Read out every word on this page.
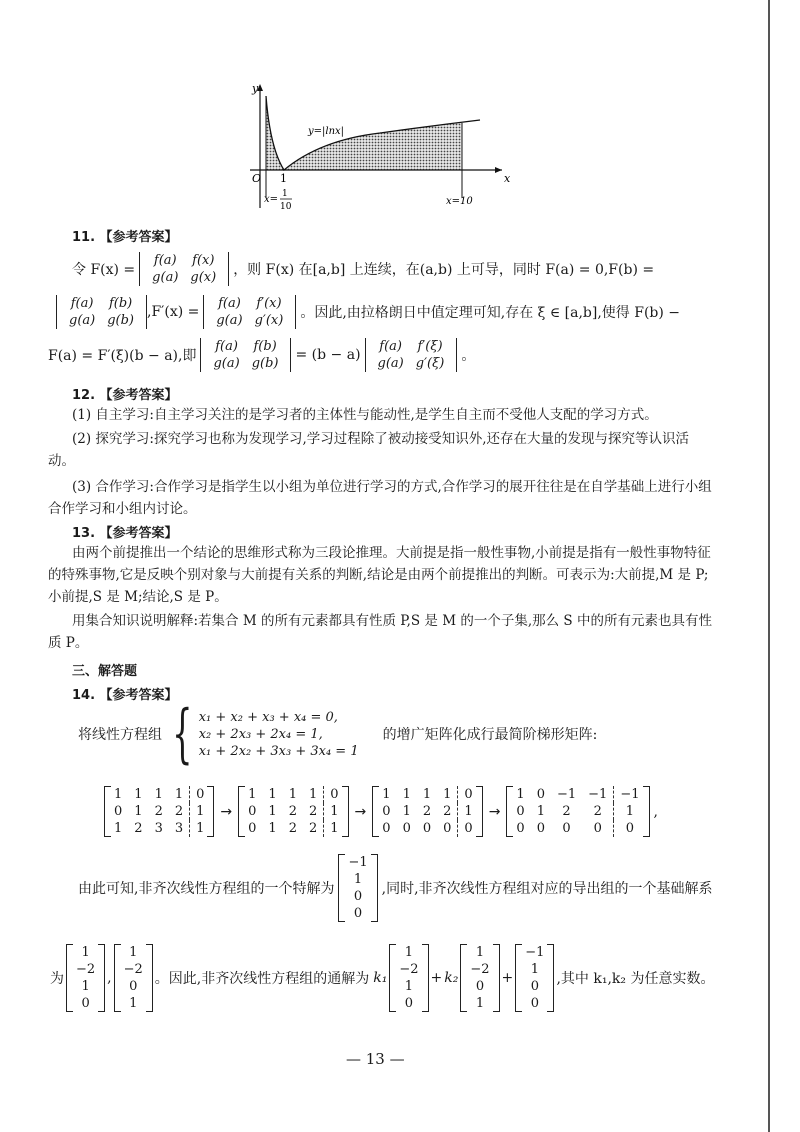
y
x
O 1
y=|lnx|
x= 1
10	x=10
11. 【参考答案】
令 F(x) =
f(a)	f(x)
g(a)	g(x) ，则 F(x) 在[a,b] 上连续，在(a,b) 上可导，同时 F(a) = 0,F(b) =
f(a)	f(b)
g(a)	g(b)
,F′(x) =
f(a)	f′(x)
g(a)	g′(x) 。因此,由拉格朗日中值定理可知,存在 ξ ∈ [a,b],使得 F(b) −
F(a) = F′(ξ)(b − a),即
f(a)	f(b)
g(a)	g(b)
= (b − a)
f(a)	f′(ξ)
g(a)	g′(ξ) 。
12. 【参考答案】
(1) 自主学习:自主学习关注的是学习者的主体性与能动性,是学生自主而不受他人支配的学习方式。
(2) 探究学习:探究学习也称为发现学习,学习过程除了被动接受知识外,还存在大量的发现与探究等认识活动。
(3) 合作学习:合作学习是指学生以小组为单位进行学习的方式,合作学习的展开往往是在自学基础上进行小组合作学习和小组内讨论。
13. 【参考答案】
由两个前提推出一个结论的思维形式称为三段论推理。大前提是指一般性事物,小前提是指有一般性事物特征的特殊事物,它是反映个别对象与大前提有关系的判断,结论是由两个前提推出的判断。可表示为:大前提,M 是 P;小前提,S 是 M;结论,S 是 P。
用集合知识说明解释:若集合 M 的所有元素都具有性质 P,S 是 M 的一个子集,那么 S 中的所有元素也具有性质 P。
三、解答题
14. 【参考答案】
将线性方程组 { x₁ + x₂ + x₃ + x₄ = 0,
x₂ + 2x₃ + 2x₄ = 1,
x₁ + 2x₂ + 3x₃ + 3x₄ = 1
的增广矩阵化成行最简阶梯形矩阵:
1	1	1	1	0
0	1	2	2	1
1	2	3	3	1
→
1	1	1	1	0
0	1	2	2	1
0	1	2	2	1
→
1	1	1	1	0
0	1	2	2	1
0	0	0	0	0
→
1	0	−1	−1	−1
0	1	2	2	1
0	0	0	0	0
,
由此可知,非齐次线性方程组的一个特解为
−1
1
0
0
,同时,非齐次线性方程组对应的导出组的一个基础解系
为
1
−2
1
0
,
1
−2
0
1
。因此,非齐次线性方程组的通解为 k₁
1
−2
1
0
+ k₂
1
−2
0
1
+
−1
1
0
0
,其中 k₁,k₂ 为任意实数。
— 13 —
